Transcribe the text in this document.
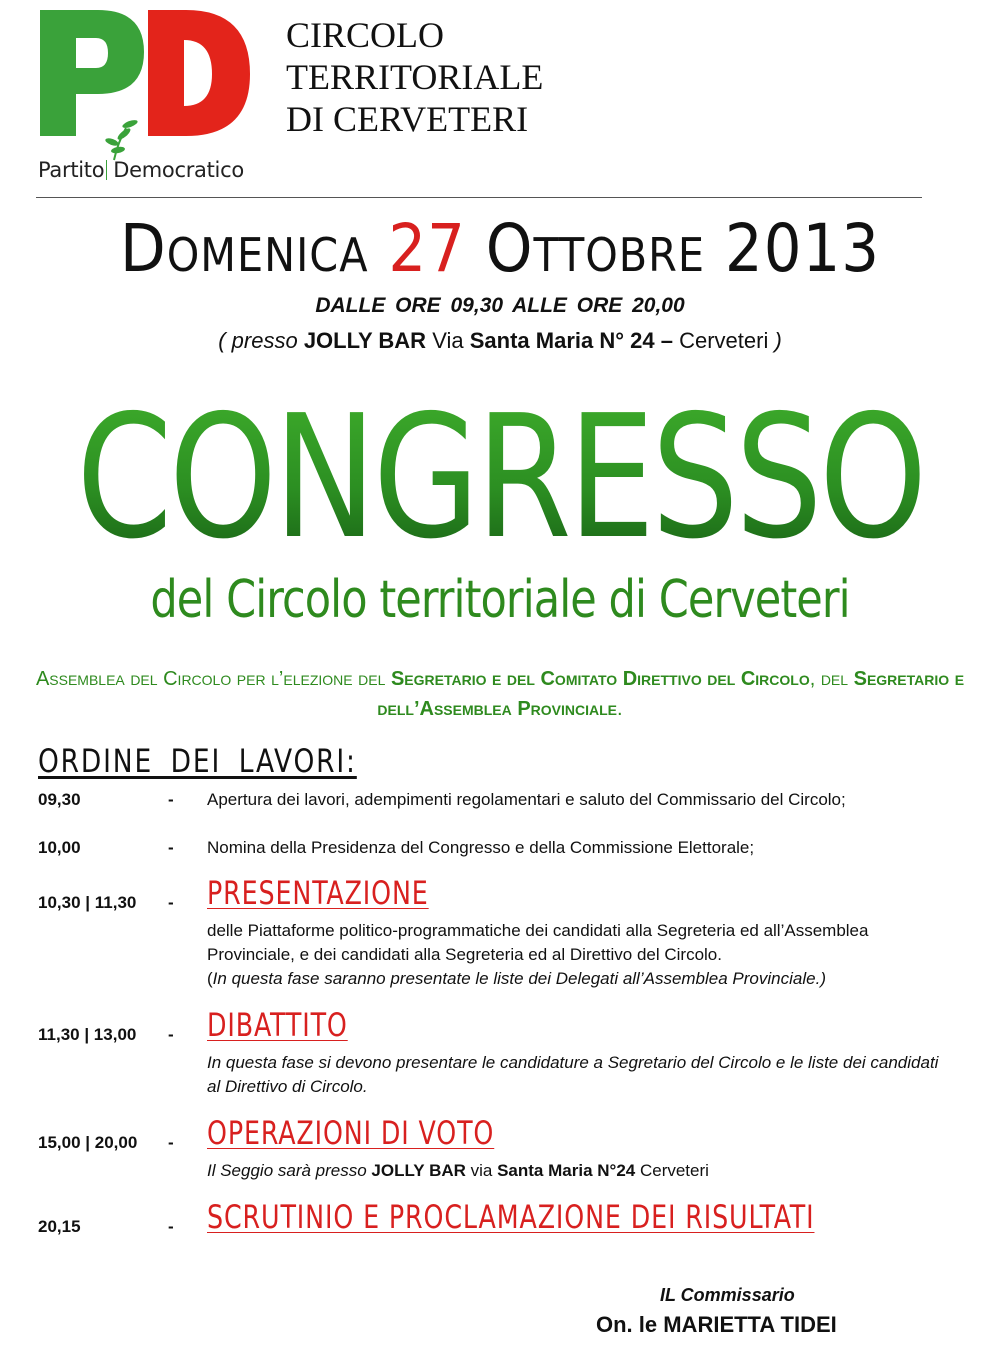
Partito Democratico
CIRCOLO
TERRITORIALE
DI CERVETERI
Domenica 27 Ottobre 2013
DALLE ORE 09,30 ALLE ORE 20,00
( presso JOLLY BAR Via Santa Maria N° 24 – Cerveteri )
CONGRESSO
del Circolo territoriale di Cerveteri
Assemblea del Circolo per l’elezione del Segretario e del Comitato Direttivo del Circolo, del Segretario e dell’Assemblea Provinciale.
ORDINE DEI LAVORI:
09,30	- Apertura dei lavori, adempimenti regolamentari e saluto del Commissario del Circolo;
10,00	- Nomina della Presidenza del Congresso e della Commissione Elettorale;
10,30 | 11,30 - PRESENTAZIONE
delle Piattaforme politico-programmatiche dei candidati alla Segreteria ed all’Assemblea Provinciale, e dei candidati alla Segreteria ed al Direttivo del Circolo.
(In questa fase saranno presentate le liste dei Delegati all’Assemblea Provinciale.)
11,30 | 13,00 - DIBATTITO
In questa fase si devono presentare le candidature a Segretario del Circolo e le liste dei candidati al Direttivo di Circolo.
15,00 | 20,00 - OPERAZIONI DI VOTO
Il Seggio sarà presso JOLLY BAR via Santa Maria N°24 Cerveteri
20,15	- SCRUTINIO E PROCLAMAZIONE DEI RISULTATI
IL Commissario
On. le MARIETTA TIDEI
